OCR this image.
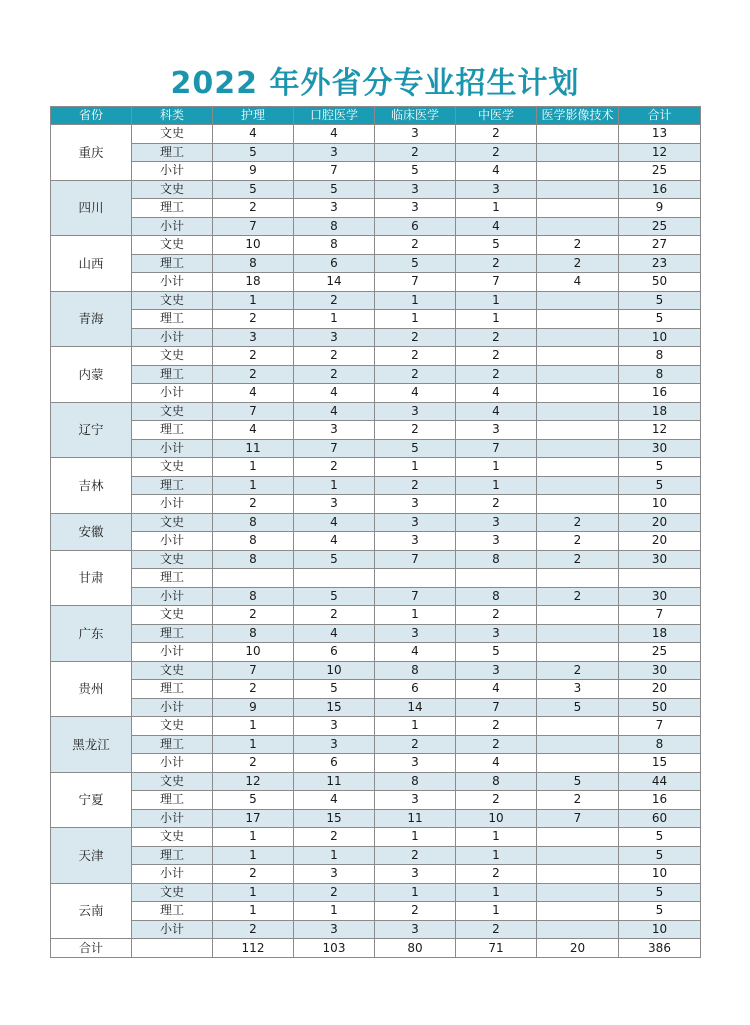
2022 年外省分专业招生计划
省份	科类	护理	口腔医学	临床医学	中医学	医学影像技术	合计
重庆	文史	4	4	3	2		13
	理工	5	3	2	2		12
	小计	9	7	5	4		25
四川	文史	5	5	3	3		16
	理工	2	3	3	1		9
	小计	7	8	6	4		25
山西	文史	10	8	2	5	2	27
	理工	8	6	5	2	2	23
	小计	18	14	7	7	4	50
青海	文史	1	2	1	1		5
	理工	2	1	1	1		5
	小计	3	3	2	2		10
内蒙	文史	2	2	2	2		8
	理工	2	2	2	2		8
	小计	4	4	4	4		16
辽宁	文史	7	4	3	4		18
	理工	4	3	2	3		12
	小计	11	7	5	7		30
吉林	文史	1	2	1	1		5
	理工	1	1	2	1		5
	小计	2	3	3	2		10
安徽	文史	8	4	3	3	2	20
	小计	8	4	3	3	2	20
甘肃	文史	8	5	7	8	2	30
	理工						
	小计	8	5	7	8	2	30
广东	文史	2	2	1	2		7
	理工	8	4	3	3		18
	小计	10	6	4	5		25
贵州	文史	7	10	8	3	2	30
	理工	2	5	6	4	3	20
	小计	9	15	14	7	5	50
黑龙江	文史	1	3	1	2		7
	理工	1	3	2	2		8
	小计	2	6	3	4		15
宁夏	文史	12	11	8	8	5	44
	理工	5	4	3	2	2	16
	小计	17	15	11	10	7	60
天津	文史	1	2	1	1		5
	理工	1	1	2	1		5
	小计	2	3	3	2		10
云南	文史	1	2	1	1		5
	理工	1	1	2	1		5
	小计	2	3	3	2		10
合计		112	103	80	71	20	386
